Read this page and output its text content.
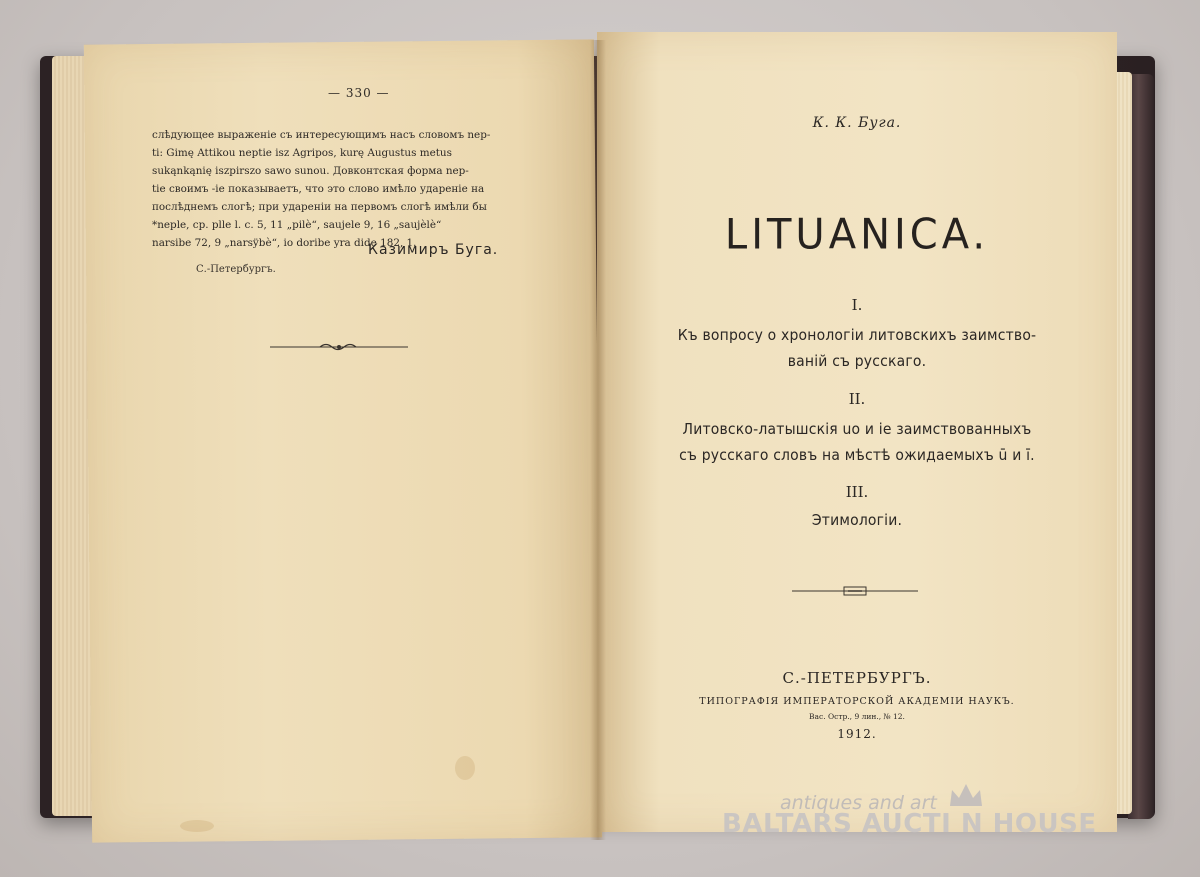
— 330 —
слѣдующее выраженіе съ интересующимъ насъ словомъ nep-
ti: Gimę Attikou neptie isz Agripos, kurę Augustus metus
sukąnkąnię iszpirszo sawo sunou. Довконтская форма nep-
tie своимъ -ie показываетъ, что это слово имѣло удареніе на
послѣднемъ слогѣ; при удареніи на первомъ слогѣ имѣли бы
*neple, ср. plle l. с. 5, 11 „pilè“, saujele 9, 16 „saujèlè“
narsibe 72, 9 „narsÿbè“, io doribe yra dide 182, 1.
Казимиръ Буга.
С.-Петербургъ.
К. К. Буга.
LITUANICA.
I.
Къ вопросу о хронологіи литовскихъ заимство-
ваній съ русскаго.
II.
Литовско-латышскія uo и ie заимствованныхъ
съ русскаго словъ на мѣстѣ ожидаемыхъ ū и ī.
III.
Этимологіи.
С.-ПЕТЕРБУРГЪ.
ТИПОГРАФІЯ ИМПЕРАТОРСКОЙ АКАДЕМІИ НАУКЪ.
Вас. Остр., 9 лин., № 12.
1912.
antiques and art
BALTARS AUCTI N HOUSE
